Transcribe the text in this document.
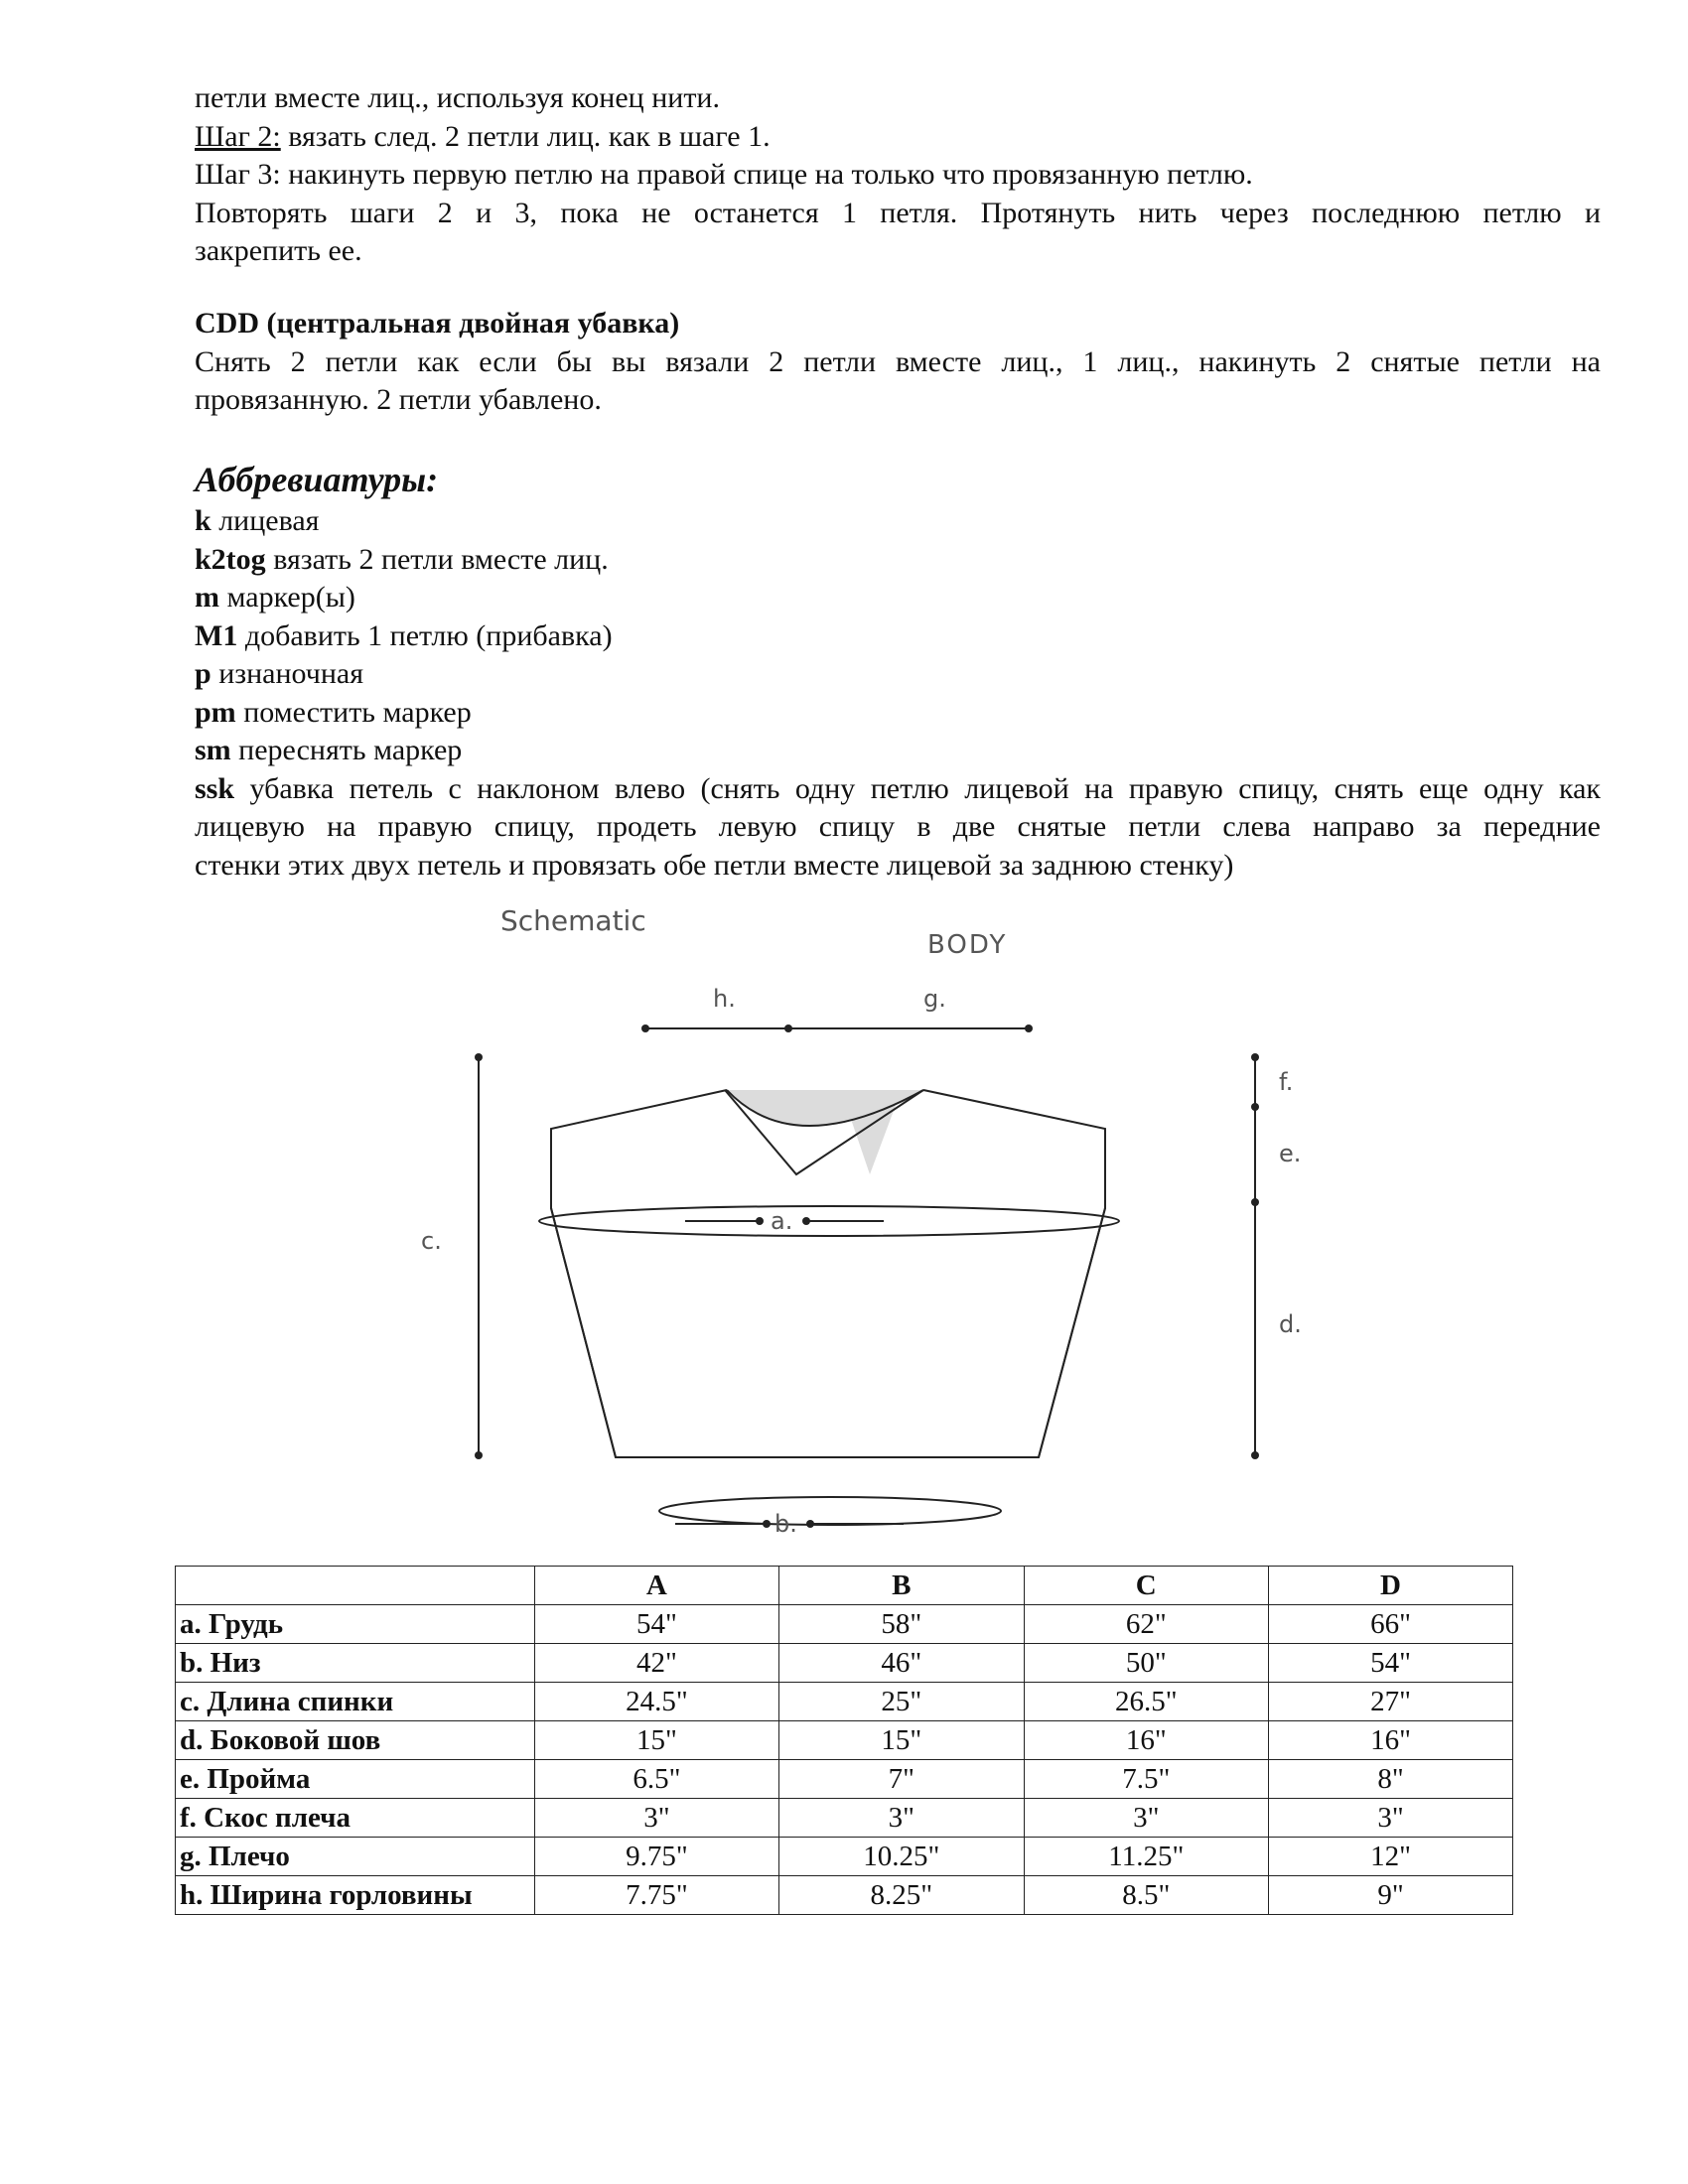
петли вместе лиц., используя конец нити.

Шаг 2: вязать след. 2 петли лиц. как в шаге 1.

Шаг 3: накинуть первую петлю на правой спице на только что провязанную петлю.

Повторять шаги 2 и 3, пока не останется 1 петля. Протянуть нить через последнюю петлю и

закрепить ее.

CDD (центральная двойная убавка)

Снять 2 петли как если бы вы вязали 2 петли вместе лиц., 1 лиц., накинуть 2 снятые петли на

провязанную. 2 петли убавлено.

Аббревиатуры:

k лицевая

k2tog вязать 2 петли вместе лиц.

m маркер(ы)

M1 добавить 1 петлю (прибавка)

p изнаночная

pm поместить маркер

sm переснять маркер

ssk убавка петель с наклоном влево (снять одну петлю лицевой на правую спицу, снять еще одну как

лицевую на правую спицу, продеть левую спицу в две снятые петли слева направо за передние

стенки этих двух петель и провязать обе петли вместе лицевой за заднюю стенку)

Schematic
BODY
h.	g.
a.
b.
c.
f.
e.
d.
	A	B	C	D
a. Грудь	54"	58"	62"	66"
b. Низ	42"	46"	50"	54"
c. Длина спинки	24.5"	25"	26.5"	27"
d. Боковой шов	15"	15"	16"	16"
e. Пройма	6.5"	7"	7.5"	8"
f. Скос плеча	3"	3"	3"	3"
g. Плечо	9.75"	10.25"	11.25"	12"
h. Ширина горловины	7.75"	8.25"	8.5"	9"
